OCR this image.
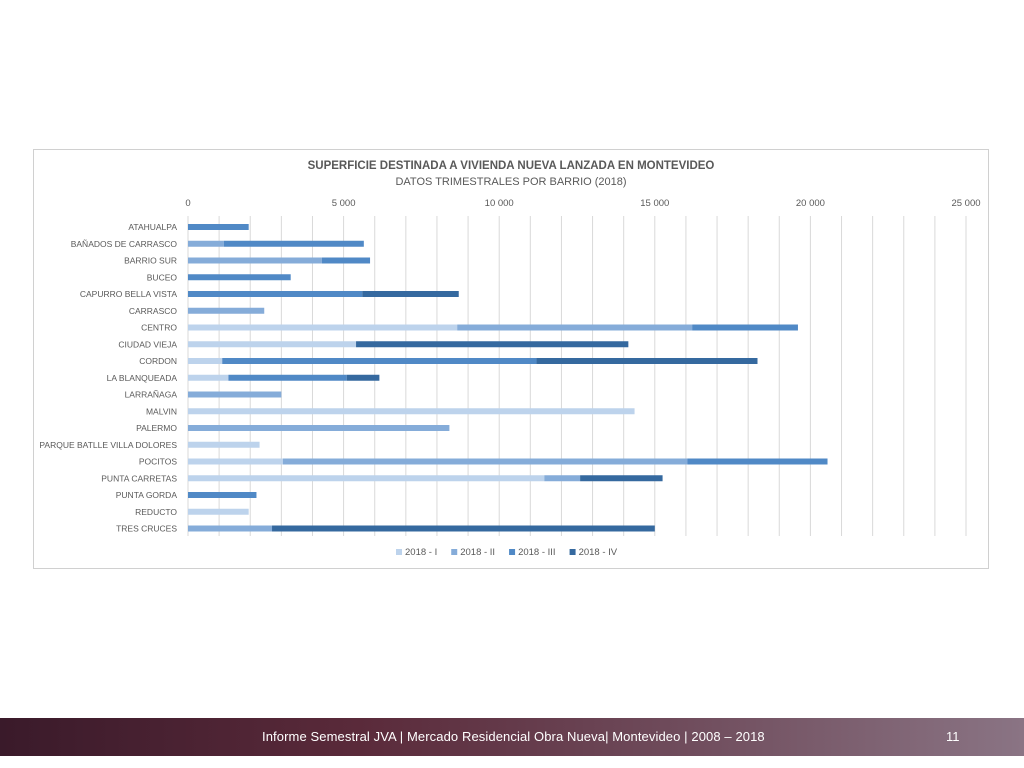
SUPERFICIE DESTINADA A VIVIENDA NUEVA LANZADA EN MONTEVIDEO
DATOS TRIMESTRALES POR BARRIO (2018)
0	5 000	10 000	15 000	20 000	25 000
ATAHUALPA
BAÑADOS DE CARRASCO
BARRIO SUR
BUCEO
CAPURRO BELLA VISTA
CARRASCO
CENTRO
CIUDAD VIEJA
CORDON
LA BLANQUEADA
LARRAÑAGA
MALVIN
PALERMO
PARQUE BATLLE VILLA DOLORES
POCITOS
PUNTA CARRETAS
PUNTA GORDA
REDUCTO
TRES CRUCES
2018 - I 2018 - II 2018 - III 2018 - IV
Informe Semestral JVA | Mercado Residencial Obra Nueva| Montevideo | 2008 – 2018	11
